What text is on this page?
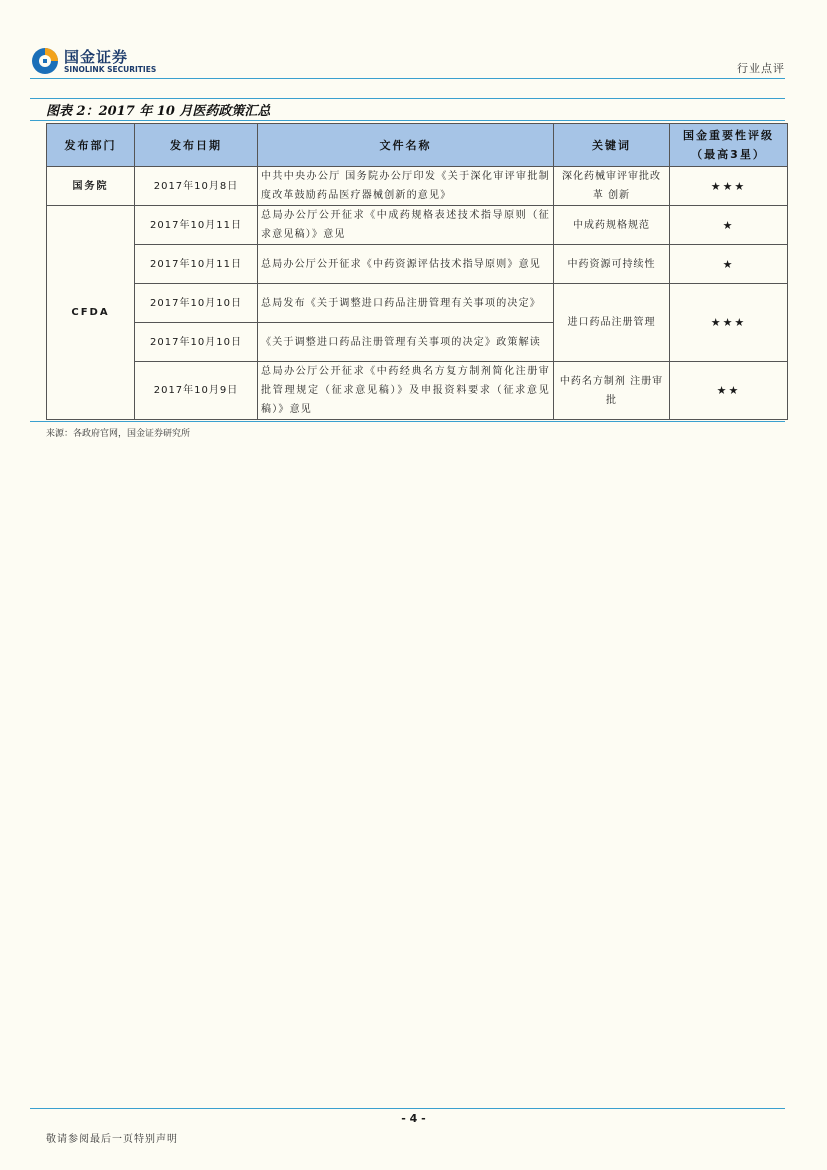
国金证券
SINOLINK SECURITIES	行业点评
图表 2：2017 年 10 月医药政策汇总
发布部门	发布日期	文件名称	关键词	国金重要性评级
（最高3星）

国务院	2017年10月8日	中共中央办公厅 国务院办公厅印发《关于深化审评审批制度改革鼓励药品医疗器械创新的意见》	深化药械审评审批改革 创新	★★★
CFDA	2017年10月11日	总局办公厅公开征求《中成药规格表述技术指导原则（征求意见稿）》意见	中成药规格规范	★
	2017年10月11日	总局办公厅公开征求《中药资源评估技术指导原则》意见	中药资源可持续性	★
	2017年10月10日	总局发布《关于调整进口药品注册管理有关事项的决定》	进口药品注册管理	★★★
	2017年10月10日	《关于调整进口药品注册管理有关事项的决定》政策解读		
	2017年10月9日	总局办公厅公开征求《中药经典名方复方制剂简化注册审批管理规定（征求意见稿）》及申报资料要求（征求意见稿）》意见	中药名方制剂 注册审批	★★
来源：各政府官网，国金证券研究所
- 4 -
敬请参阅最后一页特别声明
